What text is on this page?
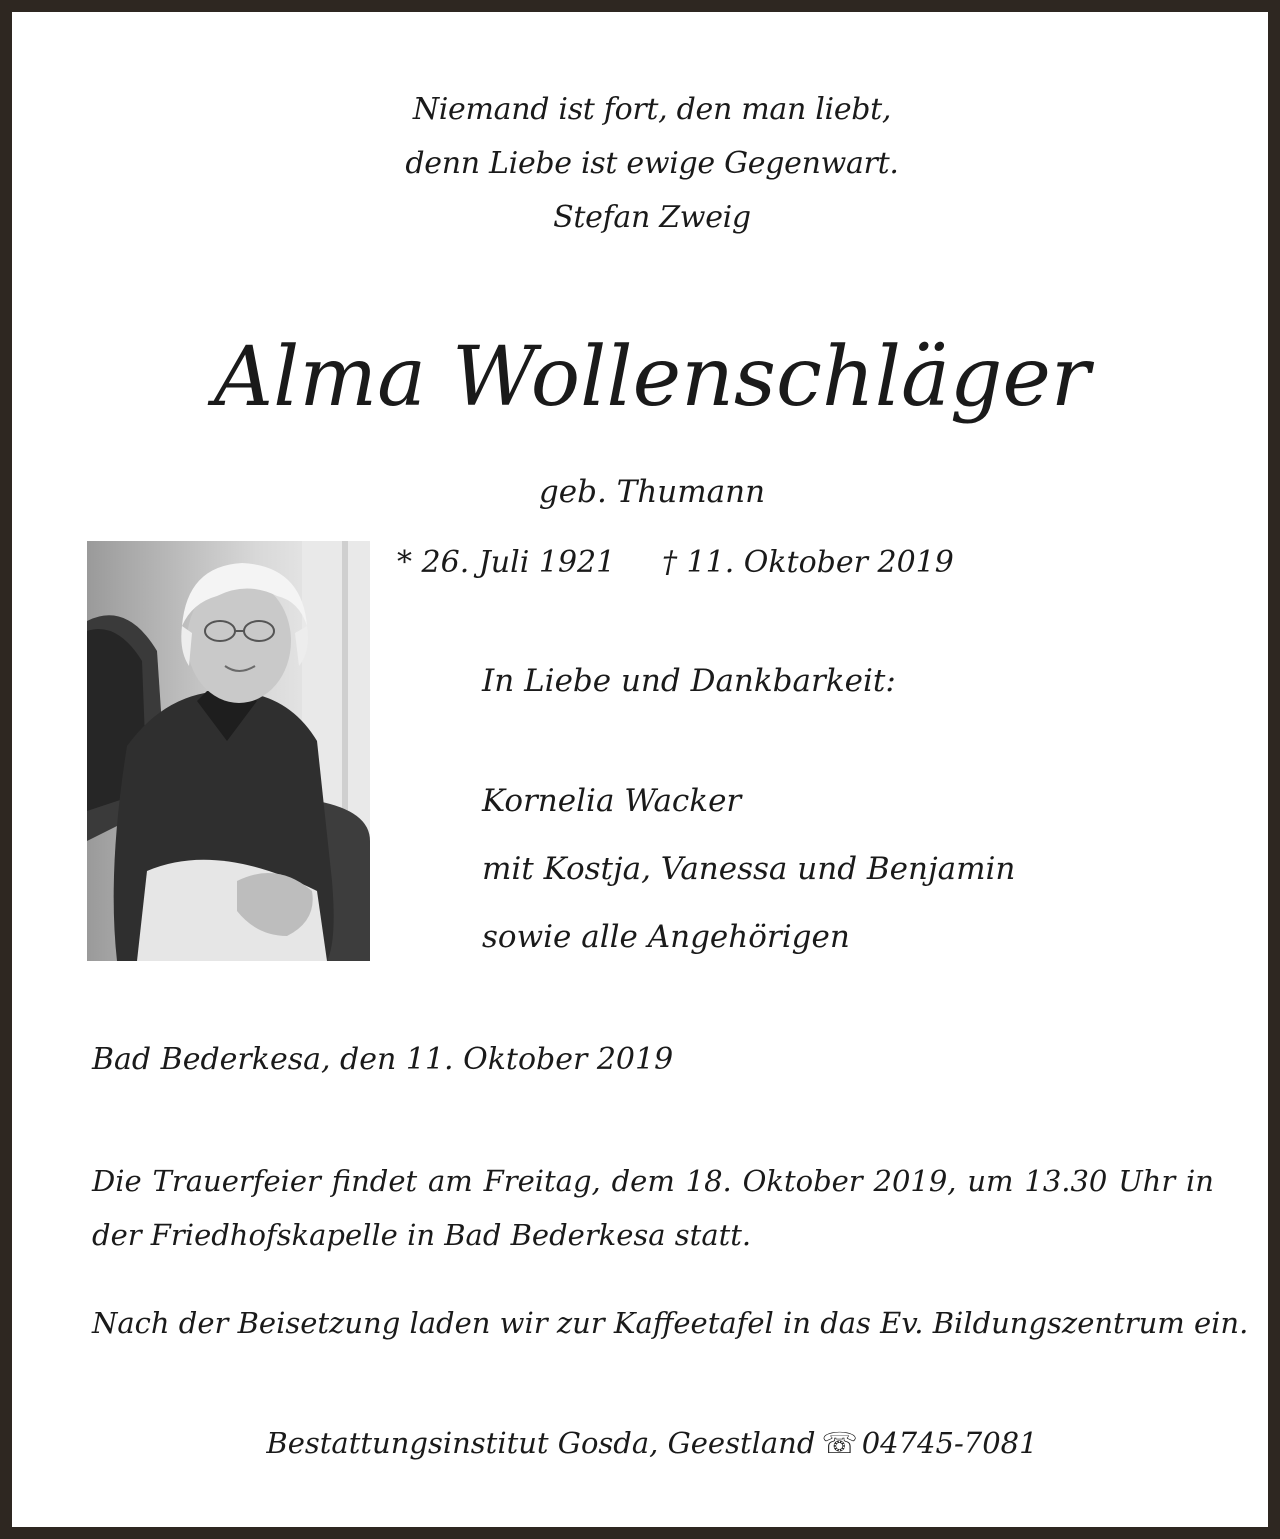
Niemand ist fort, den man liebt,
denn Liebe ist ewige Gegenwart.
Stefan Zweig
Alma Wollenschläger
geb. Thumann
* 26. Juli 1921 † 11. Oktober 2019
In Liebe und Dankbarkeit:
Kornelia Wacker
mit Kostja, Vanessa und Benjamin
sowie alle Angehörigen
Bad Bederkesa, den 11. Oktober 2019
Die Trauerfeier findet am Freitag, dem 18. Oktober 2019, um 13.30 Uhr in der Friedhofskapelle in Bad Bederkesa statt.
Nach der Beisetzung laden wir zur Kaffeetafel in das Ev. Bildungszentrum ein.
Bestattungsinstitut Gosda, Geestland ☏ 04745-7081
